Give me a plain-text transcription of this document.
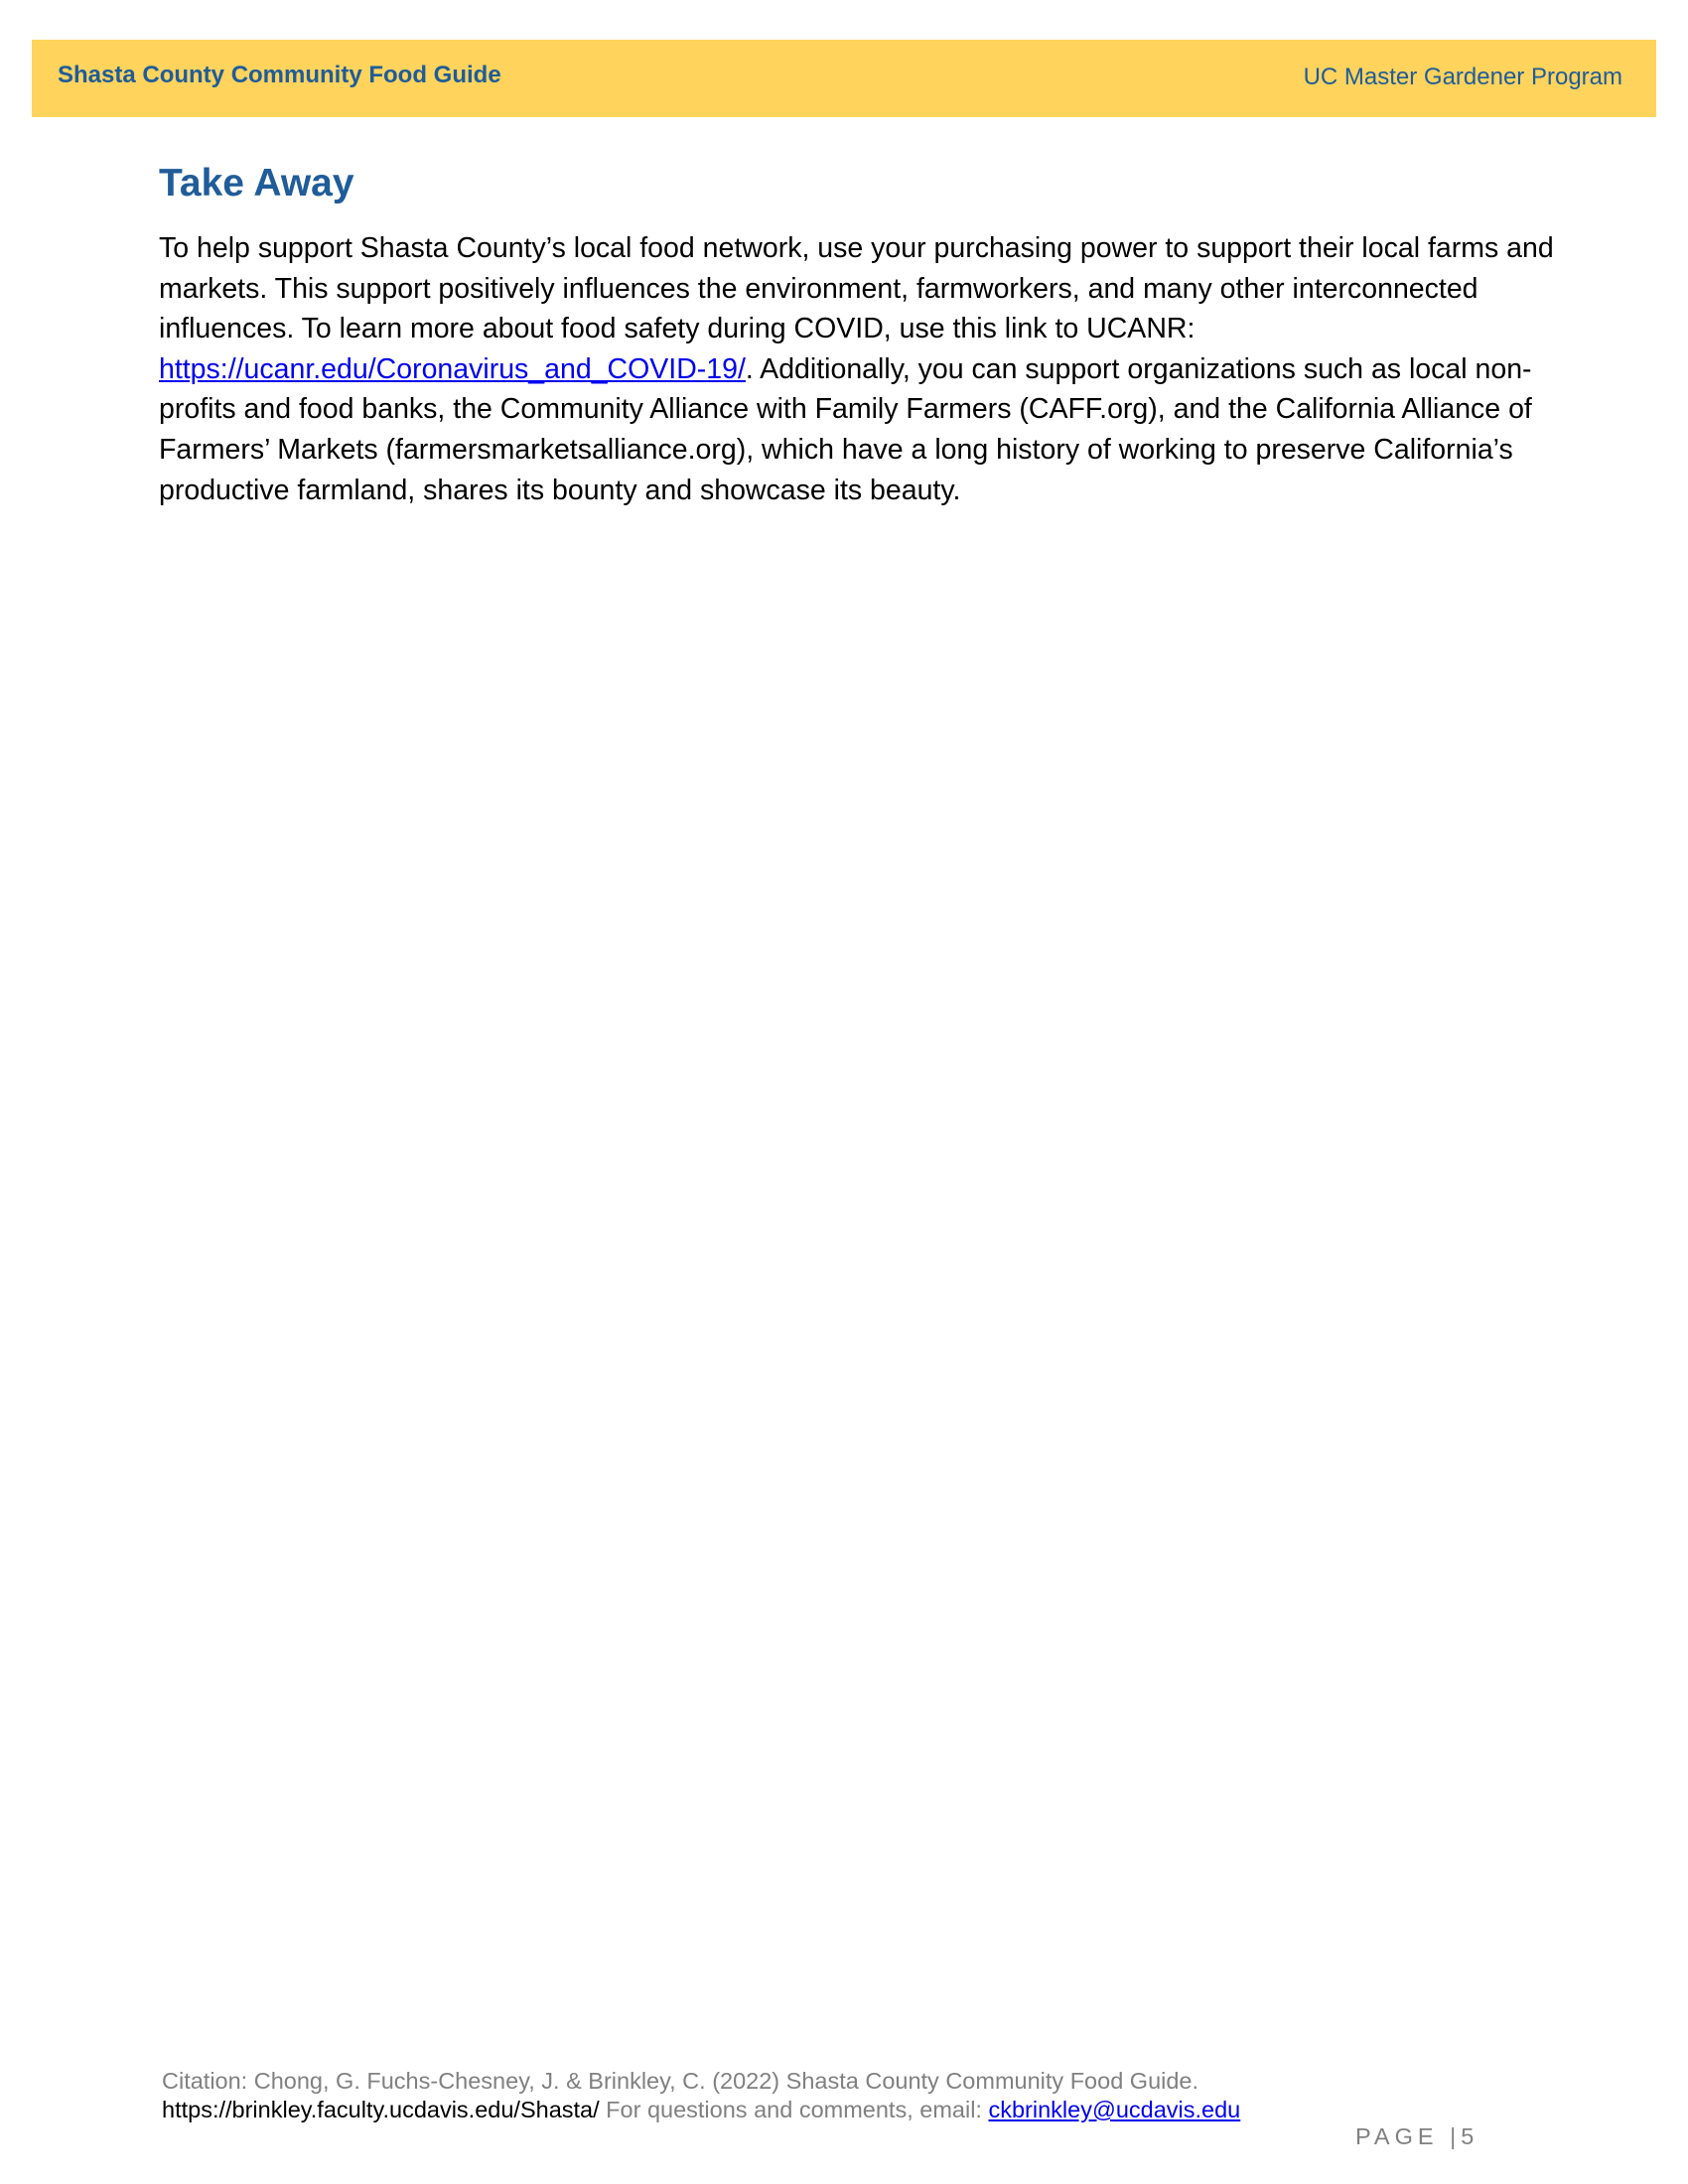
Shasta County Community Food Guide	UC Master Gardener Program
Take Away

To help support Shasta County’s local food network, use your purchasing power to support their local farms and markets. This support positively influences the environment, farmworkers, and many other interconnected influences. To learn more about food safety during COVID, use this link to UCANR: https://ucanr.edu/Coronavirus_and_COVID-19/. Additionally, you can support organizations such as local non-profits and food banks, the Community Alliance with Family Farmers (CAFF.org), and the California Alliance of Farmers’ Markets (farmersmarketsalliance.org), which have a long history of working to preserve California’s productive farmland, shares its bounty and showcase its beauty.

Citation: Chong, G. Fuchs-Chesney, J. & Brinkley, C. (2022) Shasta County Community Food Guide.
https://brinkley.faculty.ucdavis.edu/Shasta/ For questions and comments, email: ckbrinkley@ucdavis.edu
PAGE |5
